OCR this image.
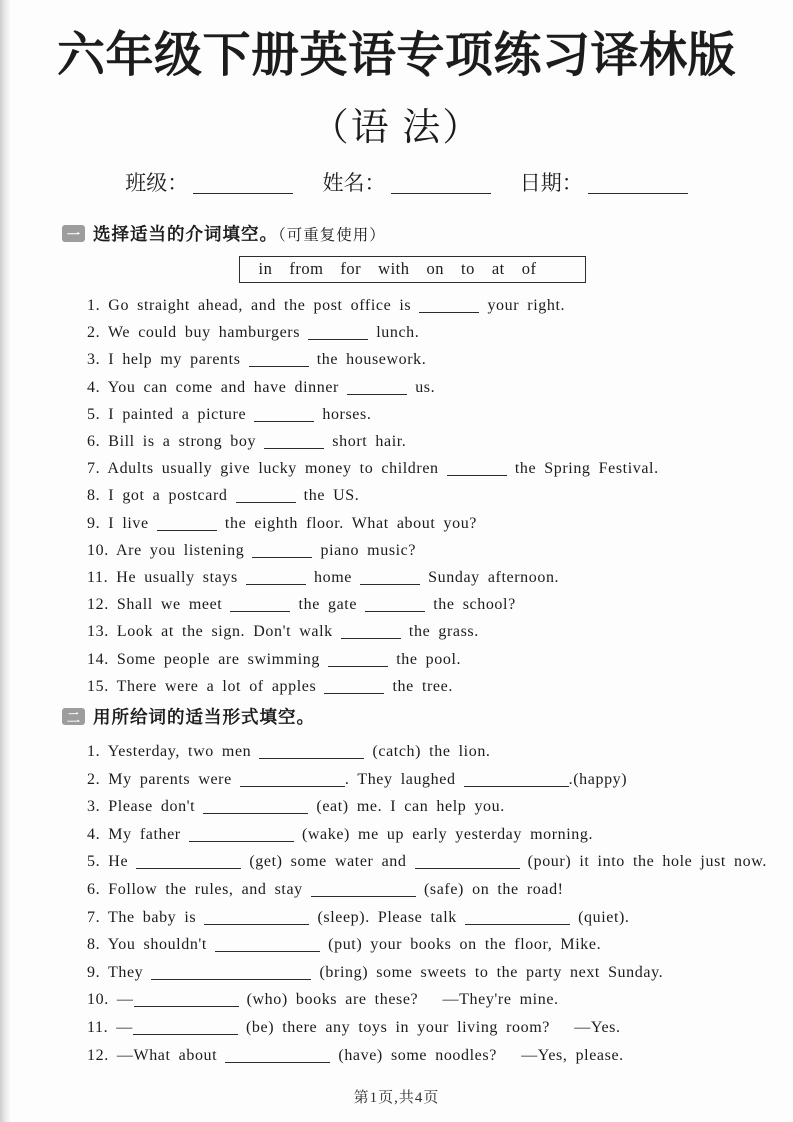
六年级下册英语专项练习译林版
（语 法）
班级：	姓名：	日期：
一 选择适当的介词填空。（可重复使用）
in from for with on to at of
1. Go straight ahead, and the post office is	your right.
2. We could buy hamburgers	lunch.
3. I help my parents	the housework.
4. You can come and have dinner	us.
5. I painted a picture	horses.
6. Bill is a strong boy	short hair.
7. Adults usually give lucky money to children	the Spring Festival.
8. I got a postcard	the US.
9. I live	the eighth floor. What about you?
10. Are you listening	piano music?
11. He usually stays	home	Sunday afternoon.
12. Shall we meet	the gate	the school?
13. Look at the sign. Don't walk	the grass.
14. Some people are swimming	the pool.
15. There were a lot of apples	the tree.
二 用所给词的适当形式填空。
1. Yesterday, two men	(catch) the lion.
2. My parents were	. They laughed	.(happy)
3. Please don't	(eat) me. I can help you.
4. My father	(wake) me up early yesterday morning.
5. He	(get) some water and	(pour) it into the hole just now.
6. Follow the rules, and stay	(safe) on the road!
7. The baby is	(sleep). Please talk	(quiet).
8. You shouldn't	(put) your books on the floor, Mike.
9. They	(bring) some sweets to the party next Sunday.
10. —	(who) books are these?   —They're mine.
11. —	(be) there any toys in your living room?   —Yes.
12. —What about	(have) some noodles?   —Yes, please.
第1页,共4页
